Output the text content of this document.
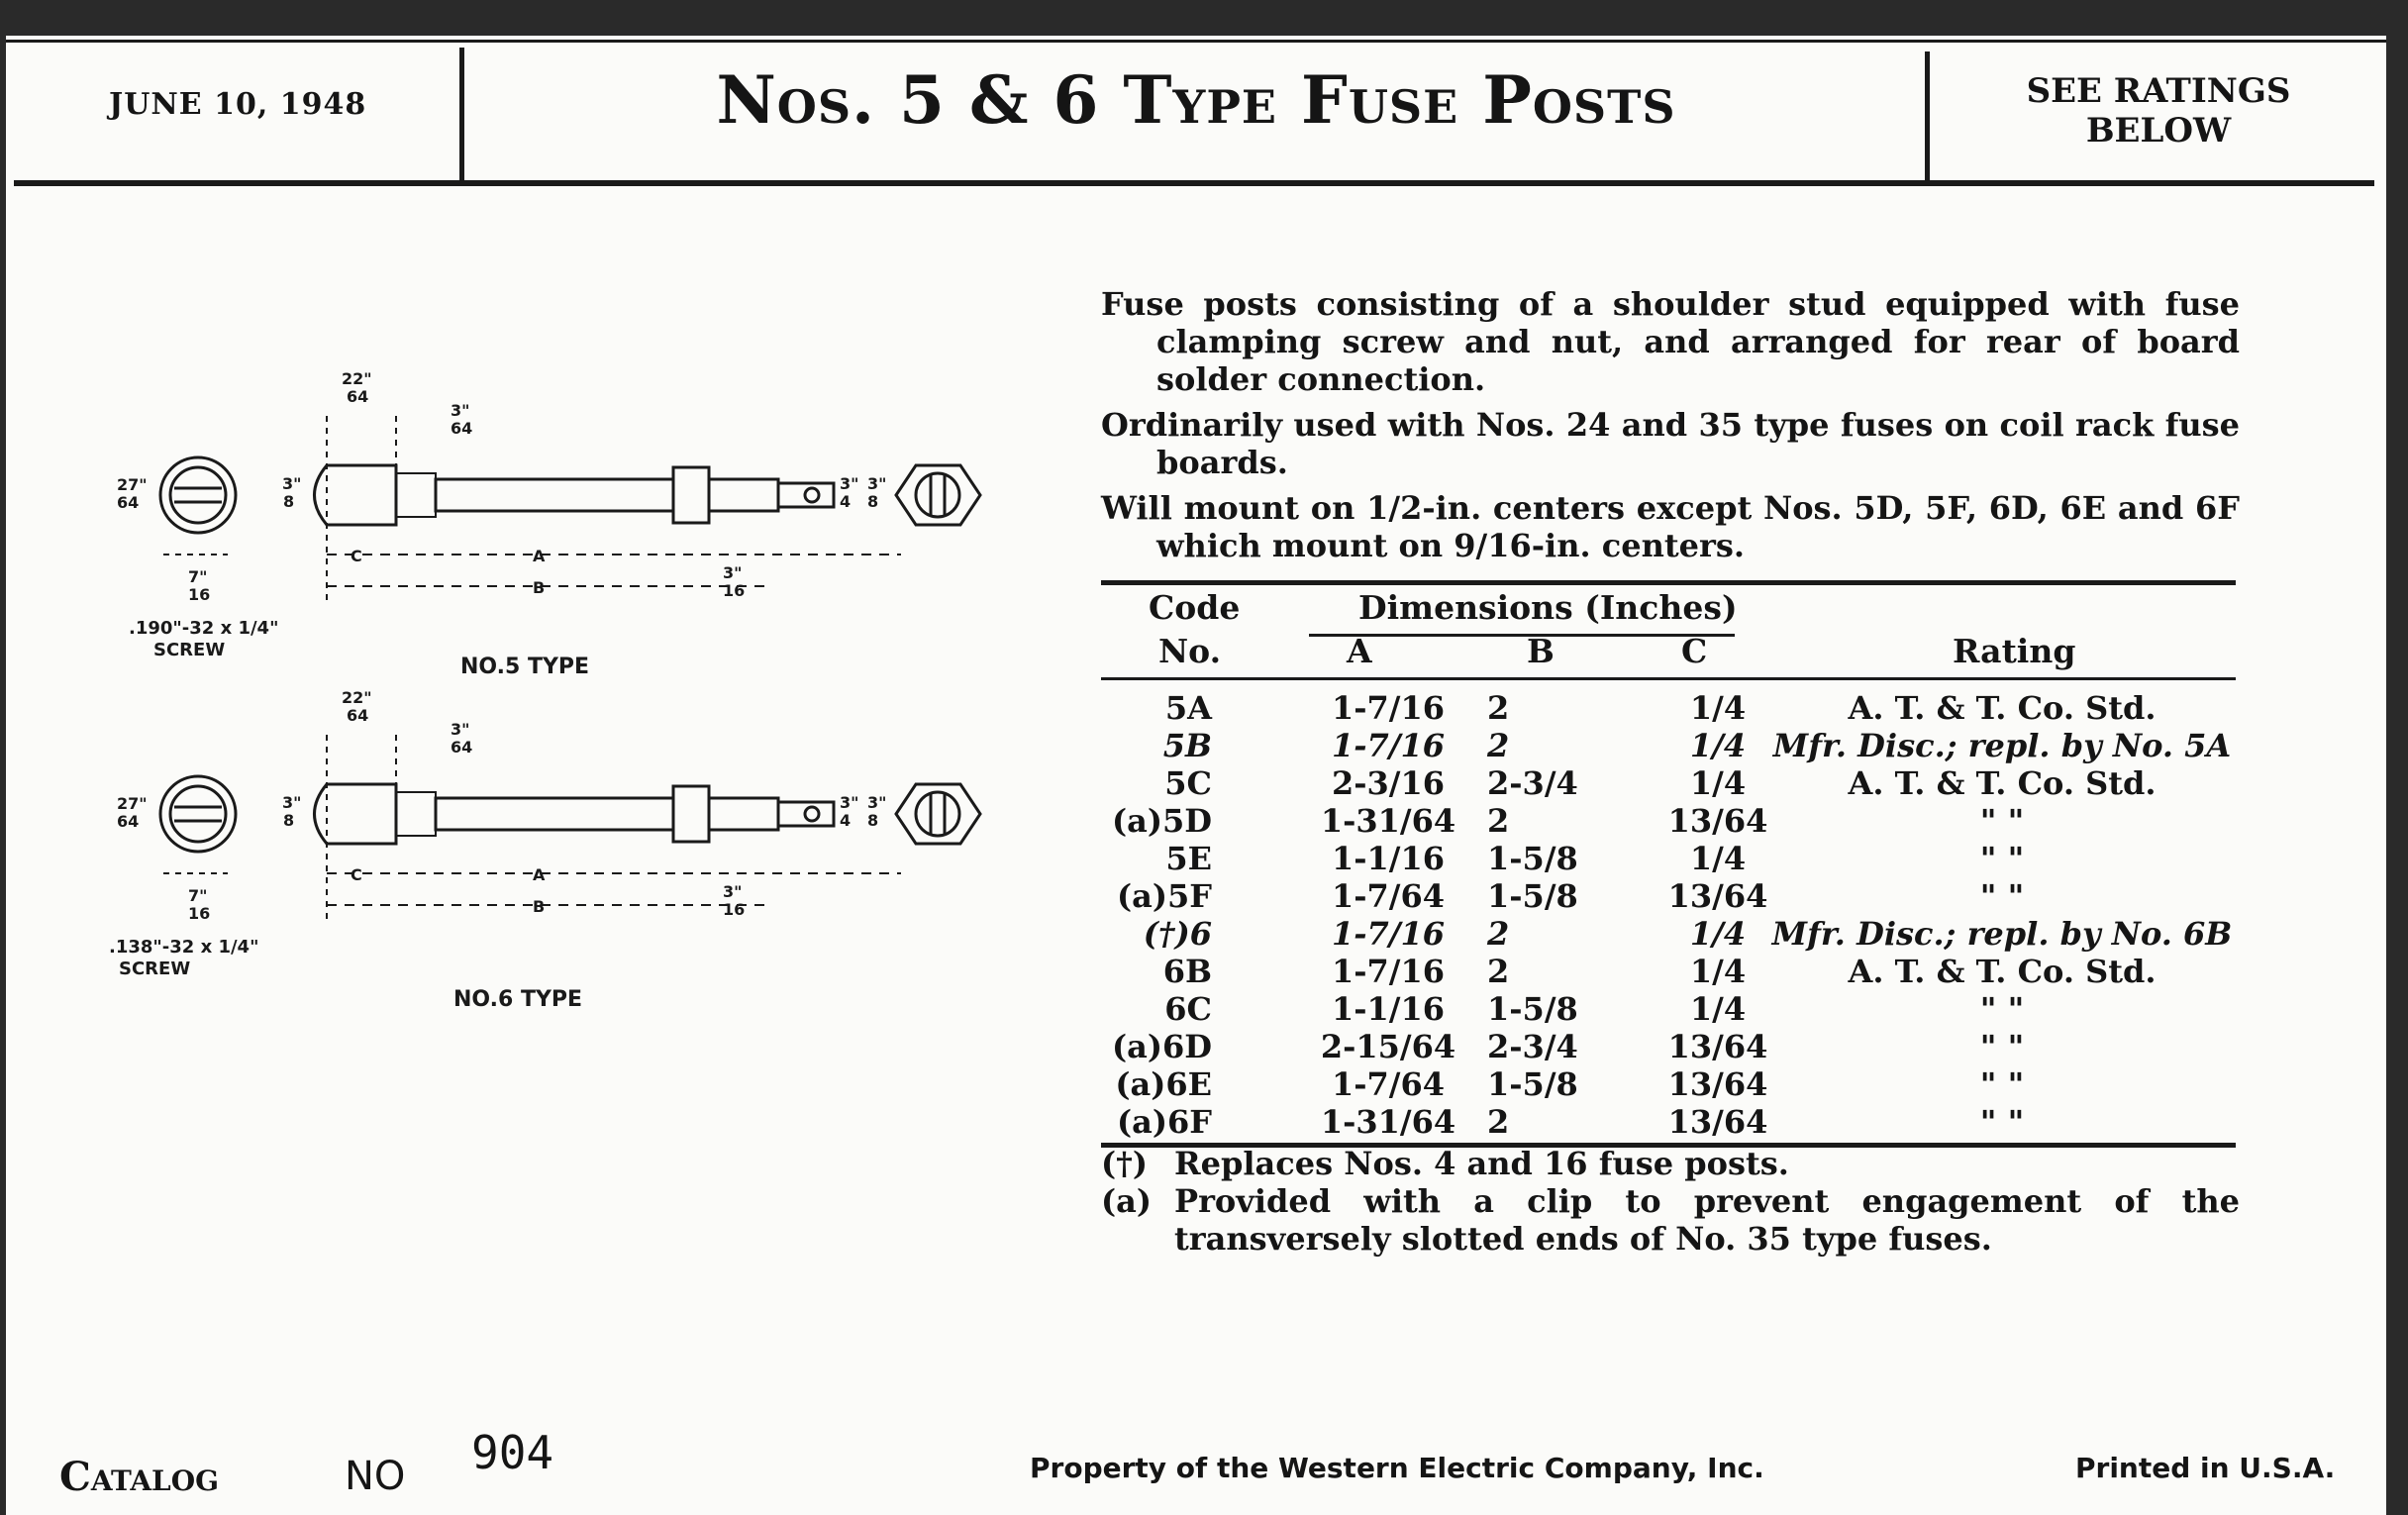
JUNE 10, 1948	Nos. 5 & 6 Type Fuse Posts	SEE RATINGS
BELOW
22"
64
3"
64
27"
64
3"
8
7"
16
3"
16
3"
4
3"
8
C	A
B
.190"-32 x 1/4"
SCREW
NO.5 TYPE
22"
64
3"
64
27"
64
3"
8
7"
16
3"
16
3"
4
3"
8
C	A
B
.138"-32 x 1/4"
SCREW
NO.6 TYPE

Fuse posts consisting of a shoulder stud equipped with fuse clamping screw and nut, and arranged for rear of board solder connection.

Ordinarily used with Nos. 24 and 35 type fuses on coil rack fuse boards.

Will mount on 1/2-in. centers except Nos. 5D, 5F, 6D, 6E and 6F which mount on 9/16-in. centers.

Code
No.
Dimensions (Inches)
A	B	C	Rating
5A	1-7/16	2	1/4	A. T. & T. Co. Std.
5B	1-7/16	2	1/4 Mfr. Disc.; repl. by No. 5A
5C	2-3/16	2-3/4	1/4	A. T. & T. Co. Std.
(a)5D	1-31/64 2	13/64	" "
5E	1-1/16	1-5/8	1/4	" "
(a)5F	1-7/64	1-5/8	13/64	" "
(†)6	1-7/16	2	1/4 Mfr. Disc.; repl. by No. 6B
6B	1-7/16	2	1/4	A. T. & T. Co. Std.
6C	1-1/16	1-5/8	1/4	" "
(a)6D	2-15/64 2-3/4	13/64	" "
(a)6E	1-7/64	1-5/8	13/64	" "
(a)6F	1-31/64 2	13/64	" "
(†) Replaces Nos. 4 and 16 fuse posts.
(a) Provided with a clip to prevent engagement of the transversely slotted ends of No. 35 type fuses.
Catalog	NO 904	Property of the Western Electric Company, Inc.	Printed in U.S.A.
